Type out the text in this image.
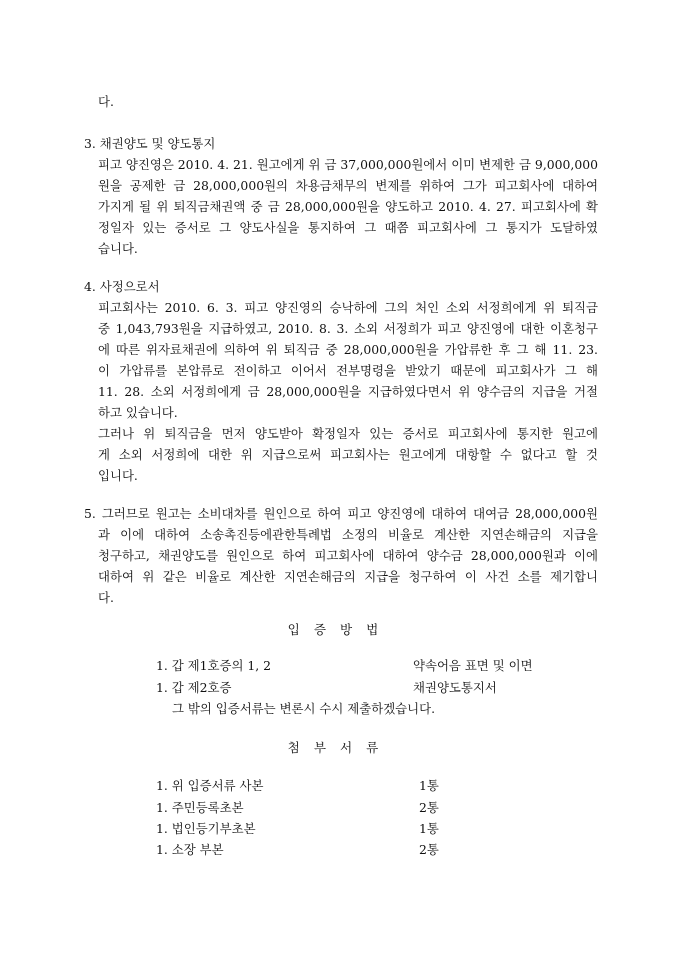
다.
3. 채권양도 및 양도통지
피고 양진영은 2010. 4. 21. 원고에게 위 금 37,000,000원에서 이미 변제한 금 9,000,000
원을 공제한 금 28,000,000원의 차용금채무의 변제를 위하여 그가 피고회사에 대하여
가지게 될 위 퇴직금채권액 중 금 28,000,000원을 양도하고 2010. 4. 27. 피고회사에 확
정일자 있는 증서로 그 양도사실을 통지하여 그 때쯤 피고회사에 그 통지가 도달하였
습니다.
4. 사정으로서
피고회사는 2010. 6. 3. 피고 양진영의 승낙하에 그의 처인 소외 서정희에게 위 퇴직금
중 1,043,793원을 지급하였고, 2010. 8. 3. 소외 서정희가 피고 양진영에 대한 이혼청구
에 따른 위자료채권에 의하여 위 퇴직금 중 28,000,000원을 가압류한 후 그 해 11. 23.
이 가압류를 본압류로 전이하고 이어서 전부명령을 받았기 때문에 피고회사가 그 해
11. 28. 소외 서정희에게 금 28,000,000원을 지급하였다면서 위 양수금의 지급을 거절
하고 있습니다.
그러나 위 퇴직금을 먼저 양도받아 확정일자 있는 증서로 피고회사에 통지한 원고에
게 소외 서정희에 대한 위 지급으로써 피고회사는 원고에게 대항할 수 없다고 할 것
입니다.
5. 그러므로 원고는 소비대차를 원인으로 하여 피고 양진영에 대하여 대여금 28,000,000원
과 이에 대하여 소송촉진등에관한특례법 소정의 비율로 계산한 지연손해금의 지급을
청구하고, 채권양도를 원인으로 하여 피고회사에 대하여 양수금 28,000,000원과 이에
대하여 위 같은 비율로 계산한 지연손해금의 지급을 청구하여 이 사건 소를 제기합니
다.
입증방법
1. 갑 제1호증의 1, 2	약속어음 표면 및 이면
1. 갑 제2호증	채권양도통지서
그 밖의 입증서류는 변론시 수시 제출하겠습니다.
첨부서류
1. 위 입증서류 사본	1통
1. 주민등록초본	2통
1. 법인등기부초본	1통
1. 소장 부본	2통
